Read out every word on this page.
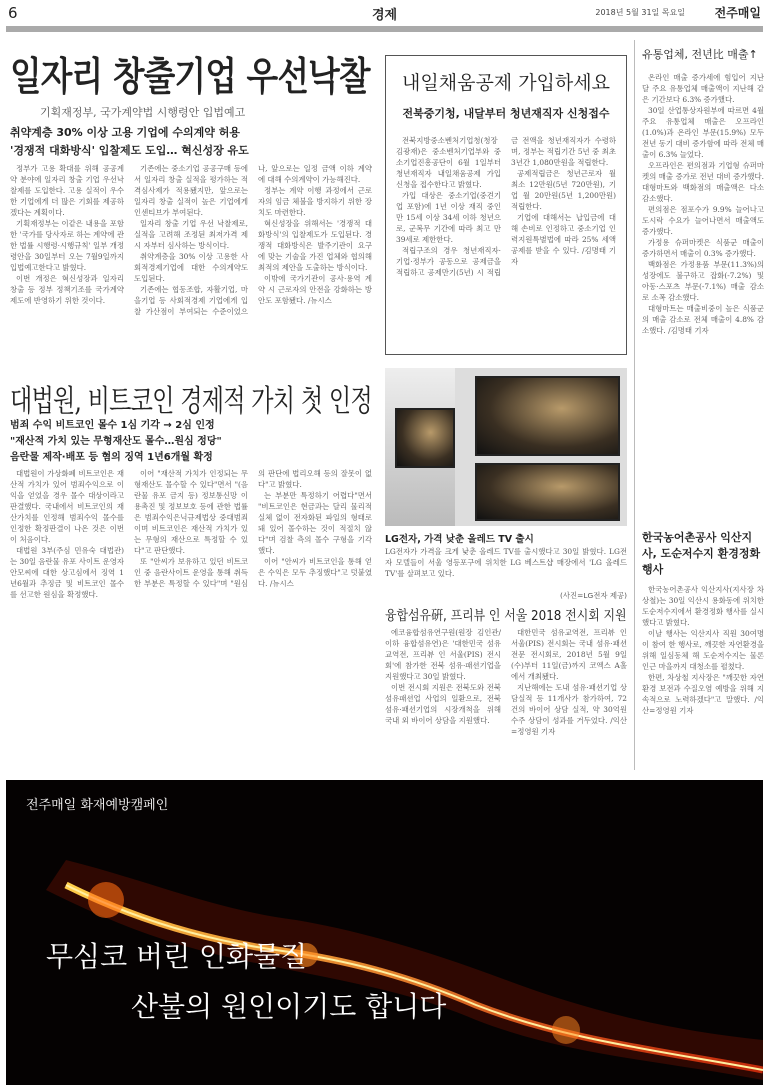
6	경제	2018년 5월 31일 목요일 전주매일
일자리 창출기업 우선낙찰
기획재정부, 국가계약법 시행령안 입법예고
취약계층 30% 이상 고용 기업에 수의계약 허용
'경쟁적 대화방식' 입찰제도 도입… 혁신성장 유도

정부가 고용 확대를 위해 공공계약 분야에 일자리 창출 기업 우선낙찰제를 도입한다. 고용 실적이 우수한 기업에게 더 많은 기회를 제공하겠다는 계획이다.

기획재정부는 이같은 내용을 포함한 '국가를 당사자로 하는 계약에 관한 법률 시행령·시행규칙' 일부 개정령안을 30일부터 오는 7월9일까지 입법예고한다고 밝혔다.

이번 개정은 혁신성장과 일자리 창출 등 정부 정책기조를 국가계약 제도에 반영하기 위한 것이다.

기존에는 중소기업 공공구매 등에서 일자리 창출 실적을 평가하는 적격심사제가 적용됐지만, 앞으로는 일자리 창출 실적이 높은 기업에게 인센티브가 부여된다.

일자리 창출 기업 우선 낙찰제로, 실적을 고려해 조정된 최저가격 제시 자부터 심사하는 방식이다.

취약계층을 30% 이상 고용한 사회적경제기업에 대한 수의계약도 도입된다.

기존에는 협동조합, 자활기업, 마을기업 등 사회적경제 기업에게 입찰 가산점이 부여되는 수준이었으나, 앞으로는 일정 금액 이하 계약에 대해 수의계약이 가능해진다.

정부는 계약 이행 과정에서 근로자의 임금 체불을 방지하기 위한 장치도 마련한다.

혁신성장을 위해서는 '경쟁적 대화방식'의 입찰제도가 도입된다. 경쟁적 대화방식은 발주기관이 요구에 맞는 기술을 가진 업체와 협의해 최적의 제안을 도출하는 방식이다.

이밖에 국가기관이 공사·용역 계약 시 근로자의 안전을 강화하는 방안도 포함됐다. /뉴시스

내일채움공제 가입하세요
전북중기청, 내달부터 청년재직자 신청접수

전북지방중소벤처기업청(청장 김광재)은 중소벤처기업부와 중소기업진흥공단이 6월 1일부터 청년재직자 내일채움공제 가입 신청을 접수한다고 밝혔다.

가입 대상은 중소기업(중견기업 포함)에 1년 이상 재직 중인 만 15세 이상 34세 이하 청년으로, 군복무 기간에 따라 최고 만 39세로 제한한다.

적립구조의 경우 청년재직자·기업·정부가 공동으로 공제금을 적립하고 공제만기(5년) 시 적립금 전액을 청년재직자가 수령하며, 정부는 적립기간 5년 중 최초 3년간 1,080만원을 적립한다.

공제적립금은 청년근로자 월 최소 12만원(5년 720만원), 기업 월 20만원(5년 1,200만원) 적립한다.

기업에 대해서는 납입금에 대해 손비로 인정하고 중소기업 인력지원특별법에 따라 25% 세액공제를 받을 수 있다. /김명태 기자

유통업체, 전년比 매출↑

온라인 매출 증가세에 힘입어 지난달 주요 유통업체 매출액이 지난해 같은 기간보다 6.3% 증가했다.

30일 산업통상자원부에 따르면 4월 주요 유통업체 매출은 오프라인(1.0%)과 온라인 부문(15.9%) 모두 전년 동기 대비 증가함에 따라 전체 매출이 6.3% 늘었다.

오프라인은 편의점과 기업형 슈퍼마켓의 매출 증가로 전년 대비 증가했다. 대형마트와 백화점의 매출액은 다소 감소했다.

편의점은 점포수가 9.9% 늘어나고 도시락 수요가 늘어나면서 매출액도 증가했다.

가정용 슈퍼마켓은 식품군 매출이 증가하면서 매출이 0.3% 증가했다.

백화점은 가정용품 부문(11.3%)의 성장에도 불구하고 잡화(-7.2%) 및 아동·스포츠 부문(-7.1%) 매출 감소로 소폭 감소했다.

대형마트는 매출비중이 높은 식품군의 매출 감소로 전체 매출이 4.8% 감소했다. /김명태 기자

한국농어촌공사 익산지사, 도순저수지 환경정화 행사

한국농어촌공사 익산지사(지사장 차상철)는 30일 익산시 용화동에 위치한 도순저수지에서 환경정화 행사를 실시했다고 밝혔다.

이날 행사는 익산지사 직원 30여명이 참여 한 행사로, 깨끗한 자연환경을 위해 일심동체 해 도순저수지는 물론 인근 마을까지 대청소를 펼쳤다.

한편, 차상철 지사장은 "깨끗한 자연환경 보전과 수질오염 예방을 위해 지속적으로 노력하겠다"고 말했다. /익산=정영원 기자

대법원, 비트코인 경제적 가치 첫 인정
범죄 수익 비트코인 몰수 1심 기각 → 2심 인정
"재산적 가치 있는 무형재산도 몰수…원심 정당"
음란물 제작·배포 등 혐의 징역 1년6개월 확정

대법원이 가상화폐 비트코인은 재산적 가치가 있어 범죄수익으로 이익을 얻었을 경우 몰수 대상이라고 판결했다. 국내에서 비트코인의 재산가치를 인정해 범죄수익 몰수를 인정한 확정판결이 나온 것은 이번이 처음이다.

대법원 3부(주심 민유숙 대법관)는 30일 음란물 유포 사이트 운영자 안모씨에 대한 상고심에서 징역 1년6월과 추징금 및 비트코인 몰수를 선고한 원심을 확정했다.

이어 "재산적 가치가 인정되는 무형재산도 몰수할 수 있다"면서 "(음란물 유포 금지 등) 정보통신망 이용촉진 및 정보보호 등에 관한 법률은 범죄수익은닉규제법상 중대범죄이며 비트코인은 재산적 가치가 있는 무형의 재산으로 특정할 수 있다"고 판단했다.

또 "안씨가 보유하고 있던 비트코인 중 음란사이트 운영을 통해 취득한 부분은 특정할 수 있다"며 "원심의 판단에 법리오해 등의 잘못이 없다"고 밝혔다.

는 부분만 특정하기 어렵다"면서 "비트코인은 현금과는 달리 물리적 실체 없이 전자화된 파일의 형태로 돼 있어 몰수하는 것이 적절치 않다"며 검찰 측의 몰수 구형을 기각했다.

이어 "안씨가 비트코인을 통해 얻은 수익은 모두 추징했다"고 덧붙였다. /뉴시스

LG전자, 가격 낮춘 올레드 TV 출시
LG전자가 가격을 크게 낮춘 올레드 TV를 출시했다고 30일 밝혔다. LG전자 모델들이 서울 영등포구에 위치한 LG 베스트샵 매장에서 'LG 올레드 TV'를 살펴보고 있다.
(사진=LG전자 제공)
융합섬유硏, 프리뷰 인 서울 2018 전시회 지원

에코융합섬유연구원(원장 김인관/이하 융합섬유연)은 '대한민국 섬유교역전, 프리뷰 인 서울(PIS) 전시회'에 참가한 전북 섬유·패션기업을 지원했다고 30일 밝혔다.

이번 전시회 지원은 전북도와 전북 섬유패션업 사업의 일환으로, 전북 섬유·패션기업의 시장개척을 위해 국내 외 바이어 상담을 지원했다.

대한민국 섬유교역전, 프리뷰 인 서울(PIS) 전시회는 국내 섬유·패션 전문 전시회로, 2018년 5월 9일(수)부터 11일(금)까지 코엑스 A홀에서 개최됐다.

지난해에는 도내 섬유·패션기업 상담실적 등 11개사가 참가하여, 72건의 바이어 상담 실적, 약 30억원 수주 상담이 성과를 거두었다. /익산=정영원 기자

전주매일 화재예방캠페인
무심코 버린 인화물질
산불의 원인이기도 합니다
